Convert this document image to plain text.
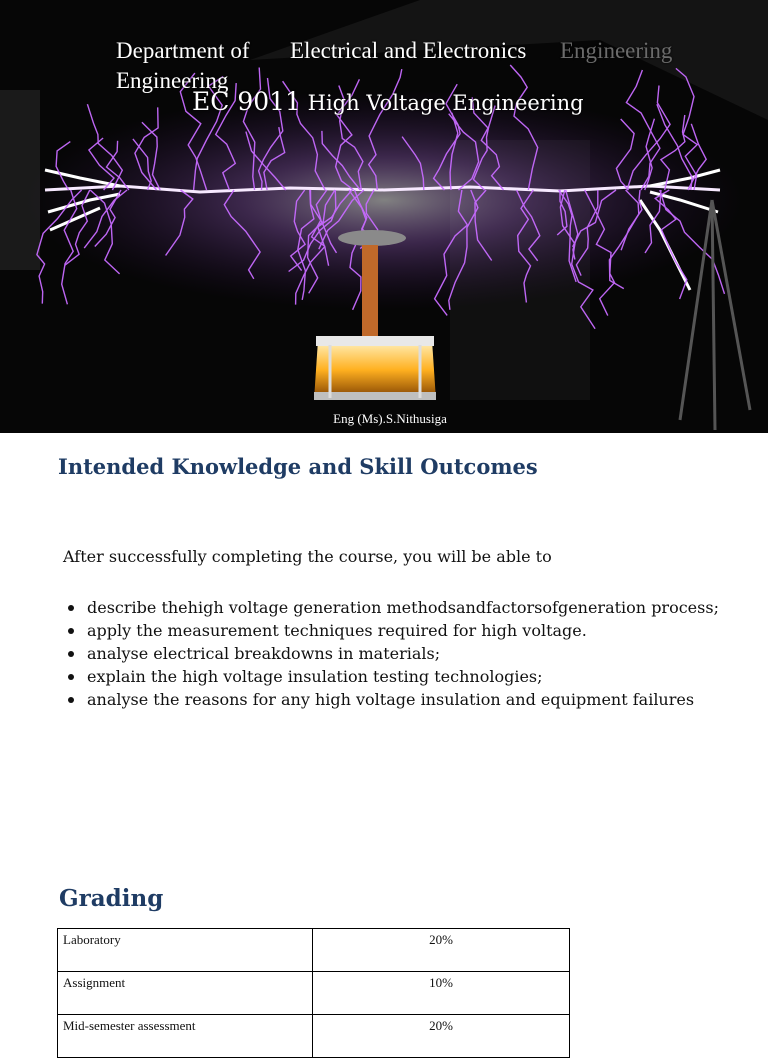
Department of Electrical and Electronics Engineering
Engineering
EC 9011 High Voltage Engineering
Eng (Ms).S.Nithusiga
Intended Knowledge and Skill Outcomes
After successfully completing the course, you will be able to
describe thehigh voltage generation methodsandfactorsofgeneration process;
apply the measurement techniques required for high voltage.
analyse electrical breakdowns in materials;
explain the high voltage insulation testing technologies;
analyse the reasons for any high voltage insulation and equipment failures
Grading
Laboratory	20%
Assignment	10%
Mid-semester assessment	20%
